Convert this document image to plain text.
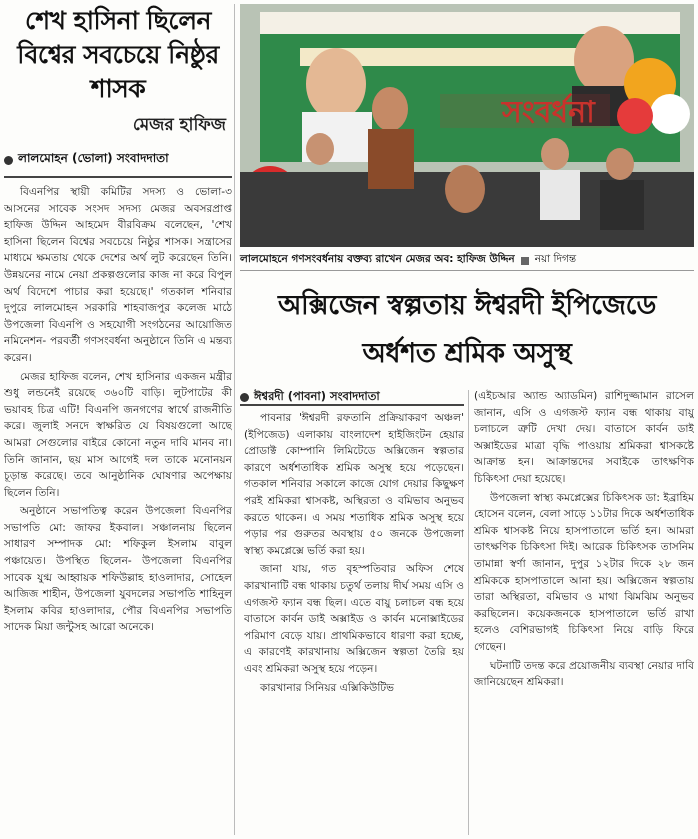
শেখ হাসিনা ছিলেন বিশ্বের সবচেয়ে নিষ্ঠুর শাসক
মেজর হাফিজ
লালমোহন (ভোলা) সংবাদদাতা

বিএনপির স্থায়ী কমিটির সদস্য ও ভোলা-৩ আসনের সাবেক সংসদ সদস্য মেজর অবসরপ্রাপ্ত হাফিজ উদ্দিন আহমেদ বীরবিক্রম বলেছেন, 'শেখ হাসিনা ছিলেন বিশ্বের সবচেয়ে নিষ্ঠুর শাসক। সন্ত্রাসের মাধ্যমে ক্ষমতায় থেকে দেশের অর্থ লুট করেছেন তিনি। উন্নয়নের নামে নেয়া প্রকল্পগুলোর কাজ না করে বিপুল অর্থ বিদেশে পাচার করা হয়েছে।' গতকাল শনিবার দুপুরে লালমোহন সরকারি শাহবাজপুর কলেজ মাঠে উপজেলা বিএনপি ও সহযোগী সংগঠনের আয়োজিত নমিনেশন- পরবর্তী গণসংবর্ধনা অনুষ্ঠানে তিনি এ মন্তব্য করেন।

মেজর হাফিজ বলেন, শেখ হাসিনার একজন মন্ত্রীর শুধু লন্ডনেই রয়েছে ৩৬০টি বাড়ি। লুটপাটের কী ভয়াবহ চিত্র এটি! বিএনপি জনগণের স্বার্থে রাজনীতি করে। জুলাই সনদে স্বাক্ষরিত যে বিষয়গুলো আছে আমরা সেগুলোর বাইরে কোনো নতুন দাবি মানব না। তিনি জানান, ছয় মাস আগেই দল তাকে মনোনয়ন চূড়ান্ত করেছে। তবে আনুষ্ঠানিক ঘোষণার অপেক্ষায় ছিলেন তিনি।

অনুষ্ঠানে সভাপতিত্ব করেন উপজেলা বিএনপির সভাপতি মো: জাফর ইকবাল। সঞ্চালনায় ছিলেন সাধারণ সম্পাদক মো: শফিকুল ইসলাম বাবুল পঞ্চায়েত। উপস্থিত ছিলেন- উপজেলা বিএনপির সাবেক যুগ্ম আহ্বায়ক শফিউল্লাহ হাওলাদার, সোহেল আজিজ শাহীন, উপজেলা যুবদলের সভাপতি শাহিনুল ইসলাম কবির হাওলাদার, পৌর বিএনপির সভাপতি সাদেক মিয়া জন্টুসহ আরো অনেকে।

সংবর্ধনা
লালমোহনে গণসংবর্ধনায় বক্তব্য রাখেন মেজর অব: হাফিজ উদ্দিন নয়া দিগন্ত
অক্সিজেন স্বল্পতায় ঈশ্বরদী ইপিজেডে
অর্ধশত শ্রমিক অসুস্থ
ঈশ্বরদী (পাবনা) সংবাদদাতা

পাবনার 'ঈশ্বরদী রফতানি প্রক্রিয়াকরণ অঞ্চল' (ইপিজেড) এলাকায় বাংলাদেশ হাইজিংটন হেয়ার প্রোডাক্ট কোম্পানি লিমিটেডে অক্সিজেন স্বল্পতার কারণে অর্ধশতাধিক শ্রমিক অসুস্থ হয়ে পড়েছেন। গতকাল শনিবার সকালে কাজে যোগ দেয়ার কিছুক্ষণ পরই শ্রমিকরা শ্বাসকষ্ট, অস্থিরতা ও বমিভাব অনুভব করতে থাকেন। এ সময় শতাধিক শ্রমিক অসুস্থ হয়ে পড়ার পর গুরুতর অবস্থায় ৫০ জনকে উপজেলা স্বাস্থ্য কমপ্লেক্সে ভর্তি করা হয়।

জানা যায়, গত বৃহস্পতিবার অফিস শেষে কারখানাটি বন্ধ থাকায় চতুর্থ তলায় দীর্ঘ সময় এসি ও এগজস্ট ফ্যান বন্ধ ছিল। এতে বায়ু চলাচল বন্ধ হয়ে বাতাসে কার্বন ডাই অক্সাইড ও কার্বন মনোক্সাইডের পরিমাণ বেড়ে যায়। প্রাথমিকভাবে ধারণা করা হচ্ছে, এ কারণেই কারখানায় অক্সিজেন স্বল্পতা তৈরি হয় এবং শ্রমিকরা অসুস্থ হয়ে পড়েন।

কারখানার সিনিয়র এক্সিকিউটিভ

(এইচআর অ্যান্ড অ্যাডমিন) রাশিদুজ্জামান রাসেল জানান, এসি ও এগজস্ট ফ্যান বন্ধ থাকায় বায়ু চলাচলে ত্রুটি দেখা দেয়। বাতাসে কার্বন ডাই অক্সাইডের মাত্রা বৃদ্ধি পাওয়ায় শ্রমিকরা শ্বাসকষ্টে আক্রান্ত হন। আক্রান্তদের সবাইকে তাৎক্ষণিক চিকিৎসা দেয়া হয়েছে।

উপজেলা স্বাস্থ্য কমপ্লেক্সের চিকিৎসক ডা: ইব্রাহিম হোসেন বলেন, বেলা সাড়ে ১১টার দিকে অর্ধশতাধিক শ্রমিক শ্বাসকষ্ট নিয়ে হাসপাতালে ভর্তি হন। আমরা তাৎক্ষণিক চিকিৎসা দিই। আরেক চিকিৎসক তাসনিম তামান্না স্বর্ণা জানান, দুপুর ১২টার দিকে ২৮ জন শ্রমিককে হাসপাতালে আনা হয়। অক্সিজেন স্বল্পতায় তারা অস্থিরতা, বমিভাব ও মাথা ঝিমঝিম অনুভব করছিলেন। কয়েকজনকে হাসপাতালে ভর্তি রাখা হলেও বেশিরভাগই চিকিৎসা নিয়ে বাড়ি ফিরে গেছেন।

ঘটনাটি তদন্ত করে প্রয়োজনীয় ব্যবস্থা নেয়ার দাবি জানিয়েছেন শ্রমিকরা।
